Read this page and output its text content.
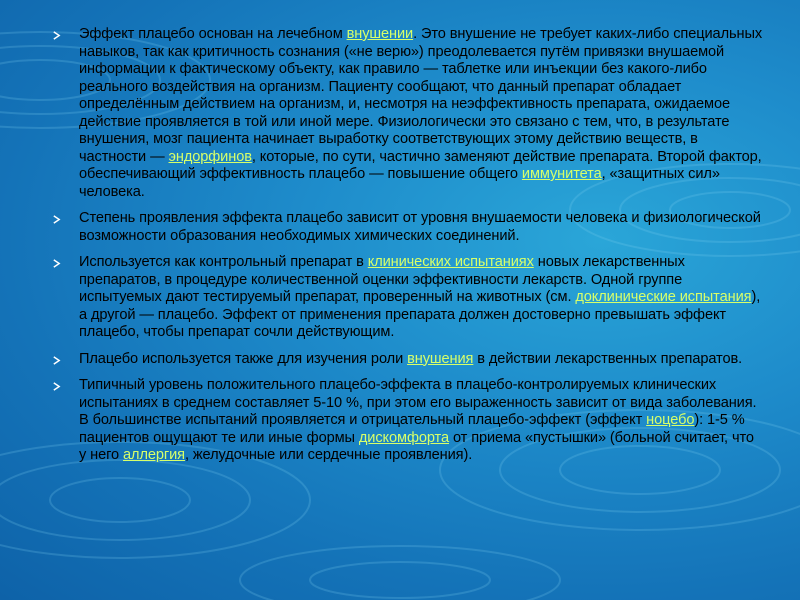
Эффект плацебо основан на лечебном внушении. Это внушение не требует каких-либо специальных навыков, так как критичность сознания («не верю») преодолевается путём привязки внушаемой информации к фактическому объекту, как правило — таблетке или инъекции без какого-либо реального воздействия на организм. Пациенту сообщают, что данный препарат обладает определённым действием на организм, и, несмотря на неэффективность препарата, ожидаемое действие проявляется в той или иной мере. Физиологически это связано с тем, что, в результате внушения, мозг пациента начинает выработку соответствующих этому действию веществ, в частности — эндорфинов, которые, по сути, частично заменяют действие препарата. Второй фактор, обеспечивающий эффективность плацебо — повышение общего иммунитета, «защитных сил» человека.
Степень проявления эффекта плацебо зависит от уровня внушаемости человека и физиологической возможности образования необходимых химических соединений.
Используется как контрольный препарат в клинических испытаниях новых лекарственных препаратов, в процедуре количественной оценки эффективности лекарств. Одной группе испытуемых дают тестируемый препарат, проверенный на животных (см. доклинические испытания), а другой — плацебо. Эффект от применения препарата должен достоверно превышать эффект плацебо, чтобы препарат сочли действующим.
Плацебо используется также для изучения роли внушения в действии лекарственных препаратов.
Типичный уровень положительного плацебо-эффекта в плацебо-контролируемых клинических испытаниях в среднем составляет 5-10 %, при этом его выраженность зависит от вида заболевания. В большинстве испытаний проявляется и отрицательный плацебо-эффект (эффект ноцебо): 1-5 % пациентов ощущают те или иные формы дискомфорта от приема «пустышки» (больной считает, что у него аллергия, желудочные или сердечные проявления).
